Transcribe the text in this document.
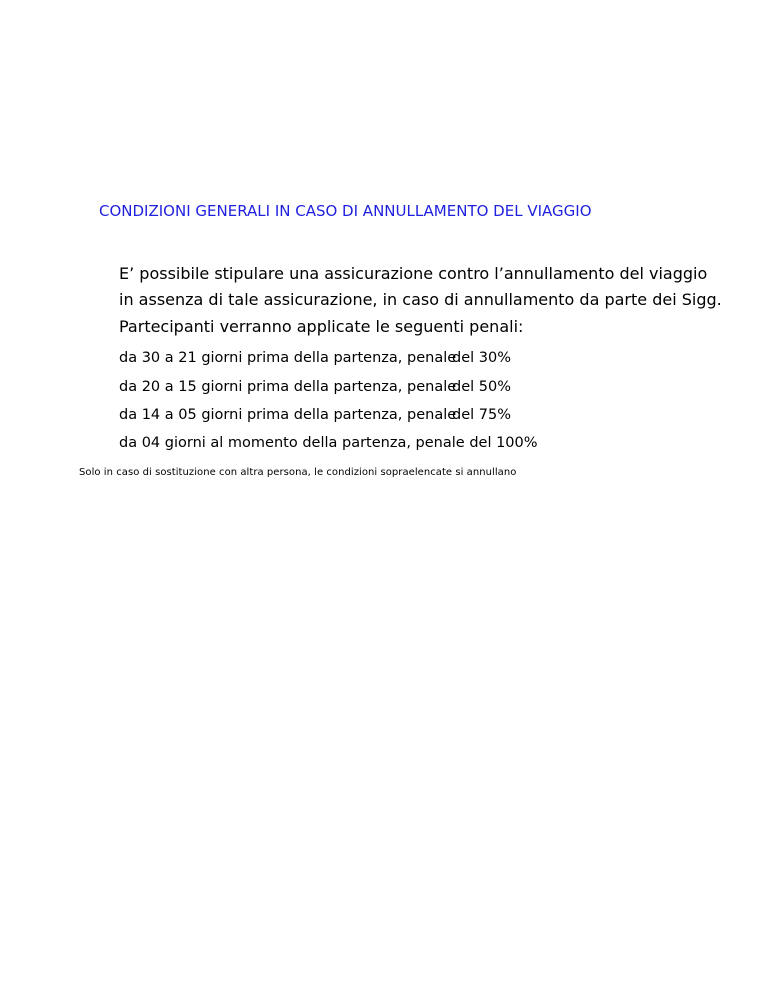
CONDIZIONI GENERALI IN CASO DI ANNULLAMENTO DEL VIAGGIO
E’ possibile stipulare una assicurazione contro l’annullamento del viaggio
in assenza di tale assicurazione, in caso di annullamento da parte dei Sigg.
Partecipanti verranno applicate le seguenti penali:
da 30 a 21 giorni prima della partenza, penale
del 30%
da 20 a 15 giorni prima della partenza, penale
del 50%
da 14 a 05 giorni prima della partenza, penale
del 75%
da 04 giorni al momento della partenza, penale del 100%
Solo in caso di sostituzione con altra persona, le condizioni sopraelencate si annullano
